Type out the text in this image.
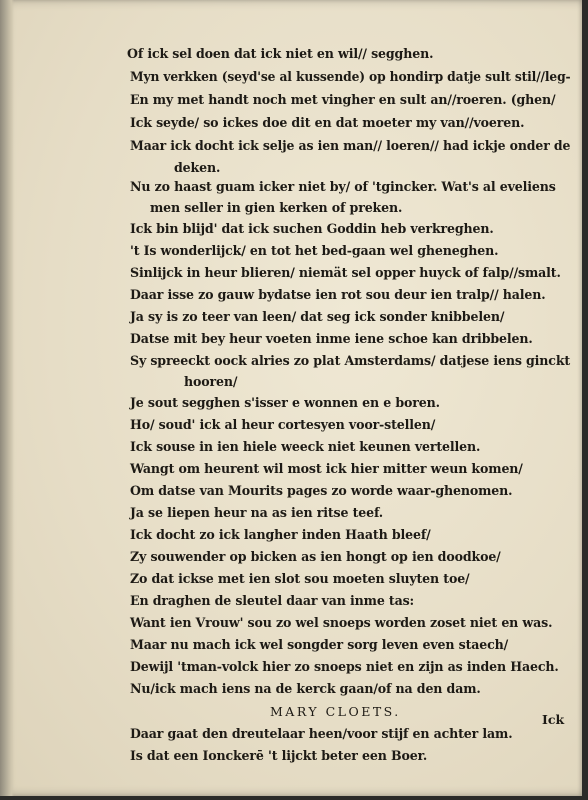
Of ick sel doen dat ick niet en wil// segghen.
Myn verkken (seyd'se al kussende) op hondirp datje sult stil//leg-
En my met handt noch met vingher en sult an//roeren. (ghen/
Ick seyde/ so ickes doe dit en dat moeter my van//voeren.
Maar ick docht ick selje as ien man// loeren// had ickje onder de
deken.
Nu zo haast guam icker niet by/ of 'tgincker. Wat's al eveliens
men seller in gien kerken of preken.
Ick bin blijd' dat ick suchen Goddin heb verkreghen.
't Is wonderlijck/ en tot het bed-gaan wel gheneghen.
Sinlijck in heur blieren/ niemät sel opper huyck of falp//smalt.
Daar isse zo gauw bydatse ien rot sou deur ien tralp// halen.
Ja sy is zo teer van leen/ dat seg ick sonder knibbelen/
Datse mit bey heur voeten inme iene schoe kan dribbelen.
Sy spreeckt oock alries zo plat Amsterdams/ datjese iens ginckt
hooren/
Je sout segghen s'isser e wonnen en e boren.
Ho/ soud' ick al heur cortesyen voor-stellen/
Ick souse in ien hiele weeck niet keunen vertellen.
Wangt om heurent wil most ick hier mitter weun komen/
Om datse van Mourits pages zo worde waar-ghenomen.
Ja se liepen heur na as ien ritse teef.
Ick docht zo ick langher inden Haath bleef/
Zy souwender op bicken as ien hongt op ien doodkoe/
Zo dat ickse met ien slot sou moeten sluyten toe/
En draghen de sleutel daar van inme tas:
Want ien Vrouw' sou zo wel snoeps worden zoset niet en was.
Maar nu mach ick wel songder sorg leven even staech/
Dewijl 'tman-volck hier zo snoeps niet en zijn as inden Haech.
Nu/ick mach iens na de kerck gaan/of na den dam.
MARY CLOETS.
Daar gaat den dreutelaar heen/voor stijf en achter lam.
Is dat een Ionckerē 't lijckt beter een Boer.
Ick
